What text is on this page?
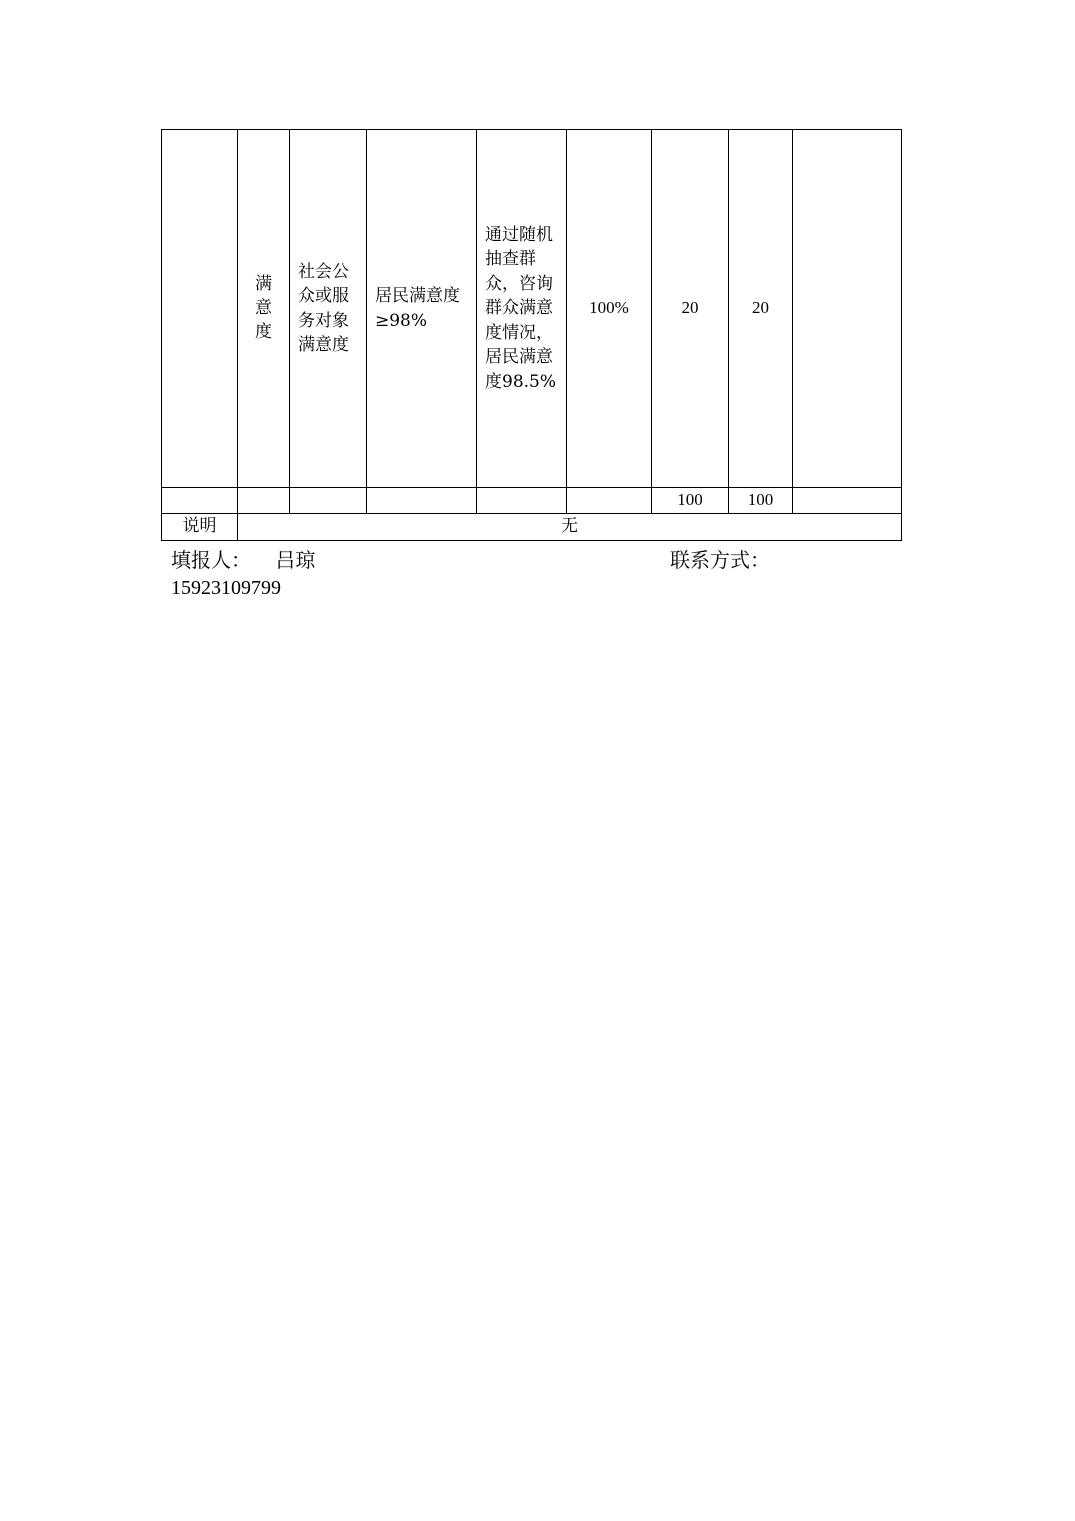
	满意度	社会公众或服务对象满意度	居民满意度≥98%	通过随机抽查群众，咨询群众满意度情况，居民满意度98.5%	100%	20	20	
						100	100	
说明	无							
填报人： 吕琼	联系方式：
15923109799
